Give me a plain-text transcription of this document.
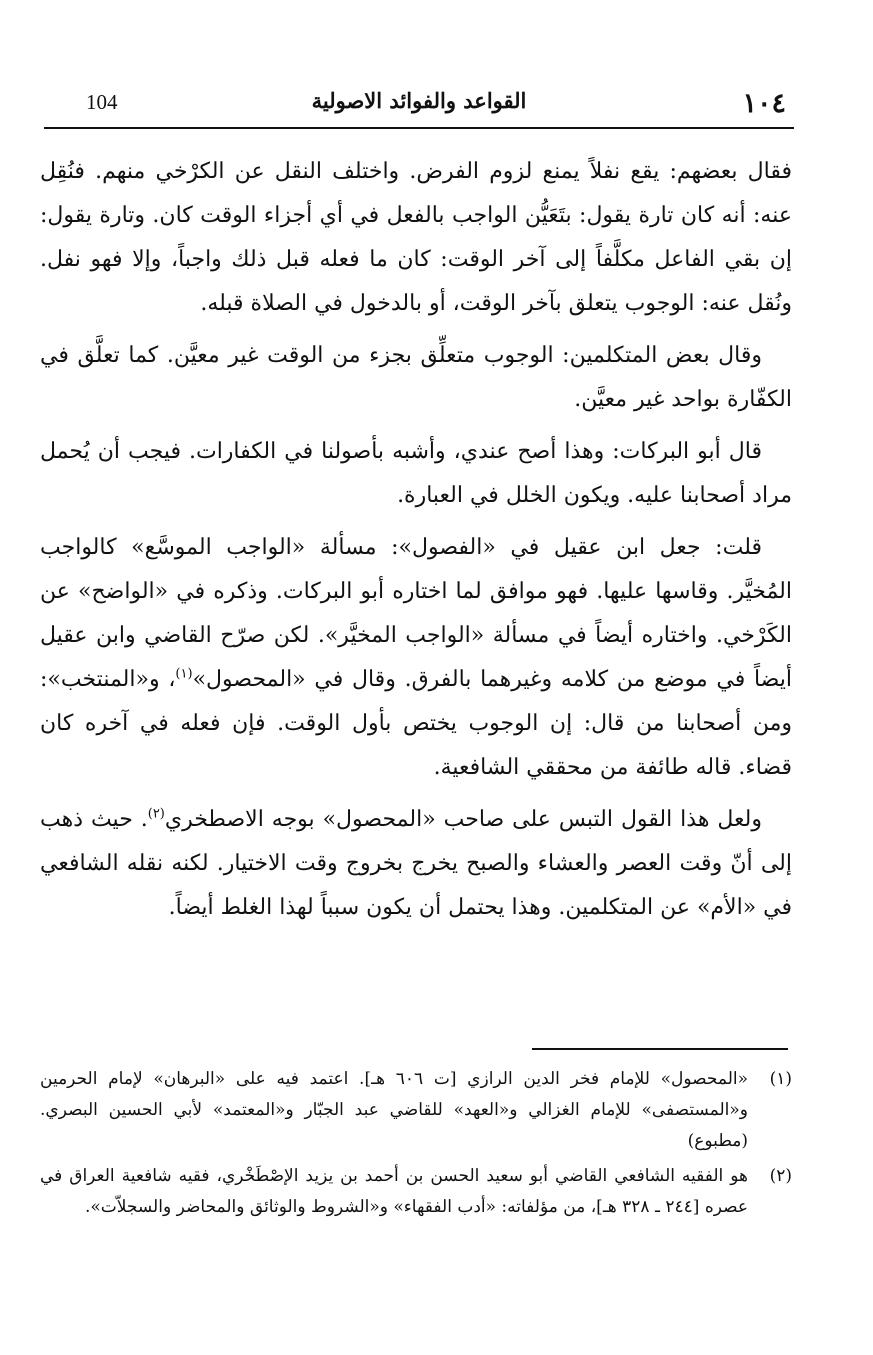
104	القواعد والفوائد الاصولية	١٠٤

فقال بعضهم: يقع نفلاً يمنع لزوم الفرض. واختلف النقل عن الكرْخي منهم. فنُقِل عنه: أنه كان تارة يقول: بتَعَيُّن الواجب بالفعل في أي أجزاء الوقت كان. وتارة يقول: إن بقي الفاعل مكلَّفاً إلى آخر الوقت: كان ما فعله قبل ذلك واجباً، وإلا فهو نفل. ونُقل عنه: الوجوب يتعلق بآخر الوقت، أو بالدخول في الصلاة قبله.

وقال بعض المتكلمين: الوجوب متعلِّق بجزء من الوقت غير معيَّن. كما تعلَّق في الكفّارة بواحد غير معيَّن.

قال أبو البركات: وهذا أصح عندي، وأشبه بأصولنا في الكفارات. فيجب أن يُحمل مراد أصحابنا عليه. ويكون الخلل في العبارة.

قلت: جعل ابن عقيل في «الفصول»: مسألة «الواجب الموسَّع» كالواجب المُخيَّر. وقاسها عليها. فهو موافق لما اختاره أبو البركات. وذكره في «الواضح» عن الكَرْخي. واختاره أيضاً في مسألة «الواجب المخيَّر». لكن صرّح القاضي وابن عقيل أيضاً في موضع من كلامه وغيرهما بالفرق. وقال في «المحصول»$^{(١)}$، و«المنتخب»: ومن أصحابنا من قال: إن الوجوب يختص بأول الوقت. فإن فعله في آخره كان قضاء. قاله طائفة من محققي الشافعية.

ولعل هذا القول التبس على صاحب «المحصول» بوجه الاصطخري$^{(٢)}$. حيث ذهب إلى أنّ وقت العصر والعشاء والصبح يخرج بخروج وقت الاختيار. لكنه نقله الشافعي في «الأم» عن المتكلمين. وهذا يحتمل أن يكون سبباً لهذا الغلط أيضاً.

(١)
«المحصول» للإمام فخر الدين الرازي [ت ٦٠٦ هـ]. اعتمد فيه على «البرهان» لإمام الحرمين و«المستصفى» للإمام الغزالي و«العهد» للقاضي عبد الجبّار و«المعتمد» لأبي الحسين البصري. (مطبوع)
(٢)
هو الفقيه الشافعي القاضي أبو سعيد الحسن بن أحمد بن يزيد الإصْطَخْري، فقيه شافعية العراق في عصره [٢٤٤ ـ ٣٢٨ هـ]، من مؤلفاته: «أدب الفقهاء» و«الشروط والوثائق والمحاضر والسجلاّت».
